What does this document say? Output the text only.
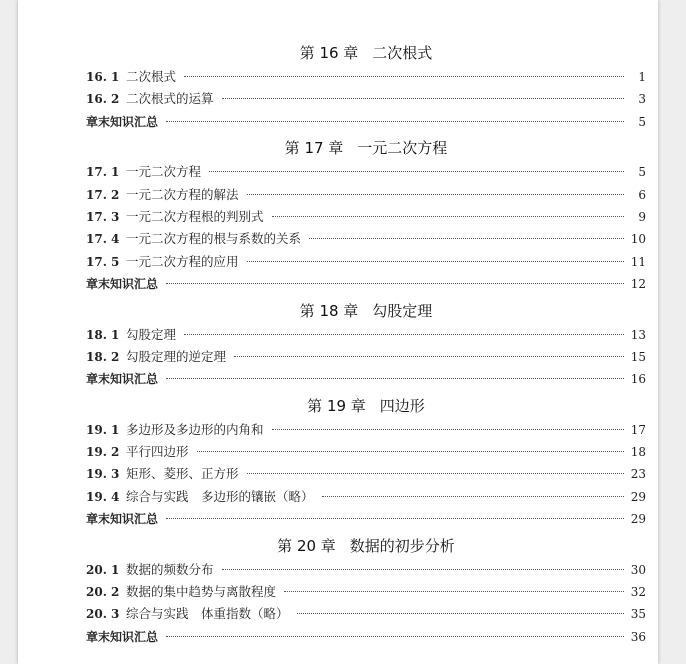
第 16 章 二次根式
16. 1 二次根式	1
16. 2 二次根式的运算	3
章末知识汇总	5
第 17 章 一元二次方程
17. 1 一元二次方程	5
17. 2 一元二次方程的解法	6
17. 3 一元二次方程根的判别式	9
17. 4 一元二次方程的根与系数的关系	10
17. 5 一元二次方程的应用	11
章末知识汇总	12
第 18 章 勾股定理
18. 1 勾股定理	13
18. 2 勾股定理的逆定理	15
章末知识汇总	16
第 19 章 四边形
19. 1 多边形及多边形的内角和	17
19. 2 平行四边形	18
19. 3 矩形、菱形、正方形	23
19. 4 综合与实践　多边形的镶嵌（略）	29
章末知识汇总	29
第 20 章 数据的初步分析
20. 1 数据的频数分布	30
20. 2 数据的集中趋势与离散程度	32
20. 3 综合与实践　体重指数（略）	35
章末知识汇总	36
